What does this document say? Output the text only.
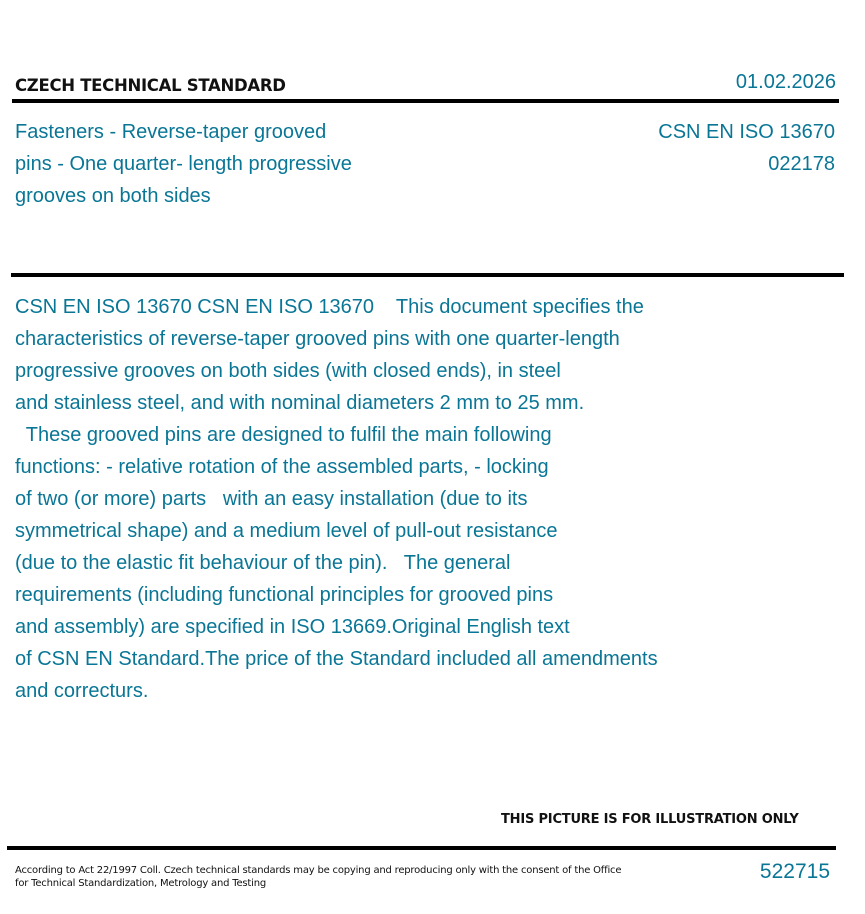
CZECH TECHNICAL STANDARD	01.02.2026
Fasteners - Reverse-taper grooved
pins - One quarter- length progressive
grooves on both sides
CSN EN ISO 13670
022178
CSN EN ISO 13670 CSN EN ISO 13670    This document specifies the
characteristics of reverse-taper grooved pins with one quarter-length
progressive grooves on both sides (with closed ends), in steel
and stainless steel, and with nominal diameters 2 mm to 25 mm.
These grooved pins are designed to fulfil the main following
functions: - relative rotation of the assembled parts, - locking
of two (or more) parts   with an easy installation (due to its
symmetrical shape) and a medium level of pull-out resistance
(due to the elastic fit behaviour of the pin).   The general
requirements (including functional principles for grooved pins
and assembly) are specified in ISO 13669.Original English text
of CSN EN Standard.The price of the Standard included all amendments
and correcturs.
THIS PICTURE IS FOR ILLUSTRATION ONLY
According to Act 22/1997 Coll. Czech technical standards may be copying and reproducing only with the consent of the Office
for Technical Standardization, Metrology and Testing
522715
